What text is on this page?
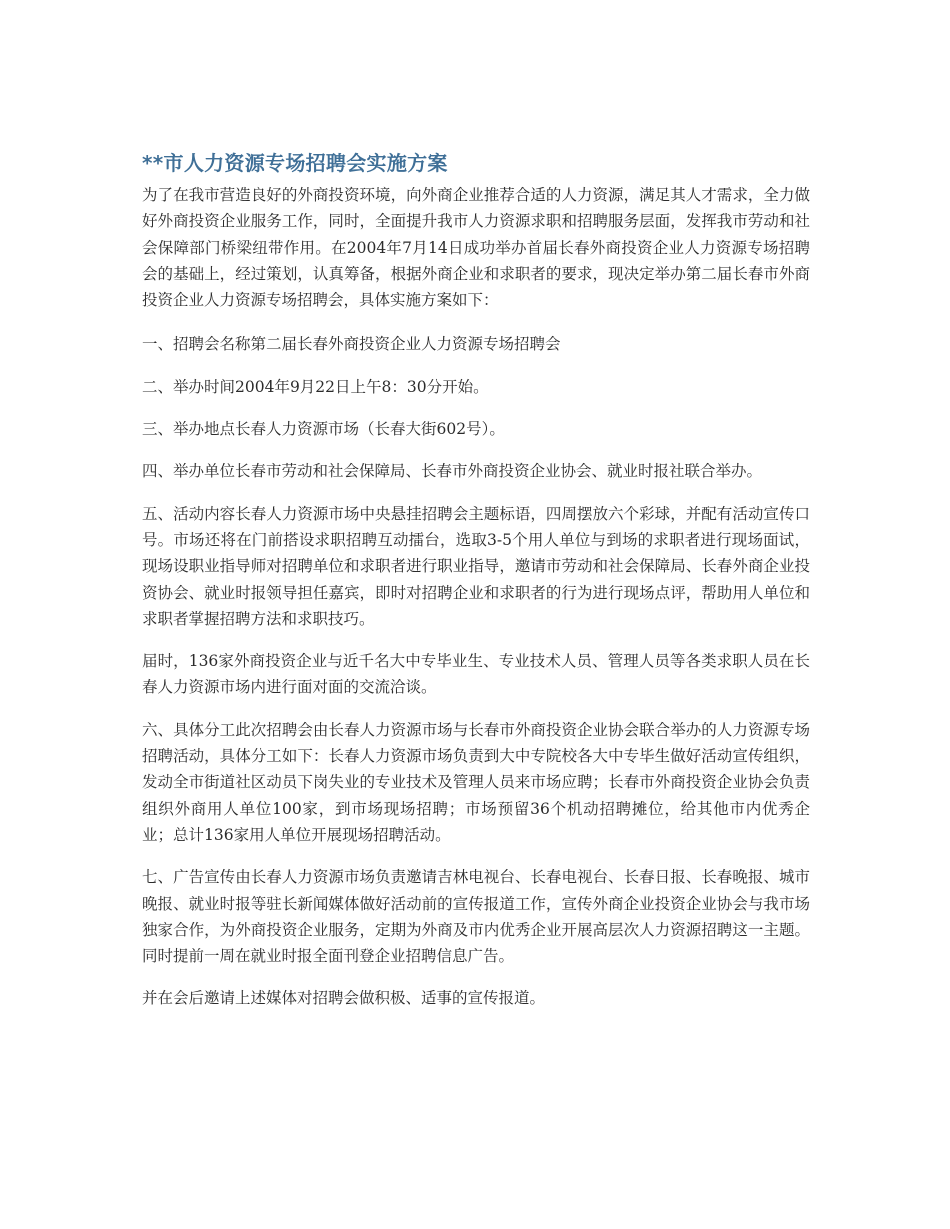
**市人力资源专场招聘会实施方案

为了在我市营造良好的外商投资环境，向外商企业推荐合适的人力资源，满足其人才需求，全力做好外商投资企业服务工作，同时，全面提升我市人力资源求职和招聘服务层面，发挥我市劳动和社会保障部门桥梁纽带作用。在2004年7月14日成功举办首届长春外商投资企业人力资源专场招聘会的基础上，经过策划，认真筹备，根据外商企业和求职者的要求，现决定举办第二届长春市外商投资企业人力资源专场招聘会，具体实施方案如下：

一、招聘会名称第二届长春外商投资企业人力资源专场招聘会

二、举办时间2004年9月22日上午8：30分开始。

三、举办地点长春人力资源市场（长春大街602号）。

四、举办单位长春市劳动和社会保障局、长春市外商投资企业协会、就业时报社联合举办。

五、活动内容长春人力资源市场中央悬挂招聘会主题标语，四周摆放六个彩球，并配有活动宣传口号。市场还将在门前搭设求职招聘互动擂台，选取3-5个用人单位与到场的求职者进行现场面试，现场设职业指导师对招聘单位和求职者进行职业指导，邀请市劳动和社会保障局、长春外商企业投资协会、就业时报领导担任嘉宾，即时对招聘企业和求职者的行为进行现场点评，帮助用人单位和求职者掌握招聘方法和求职技巧。

届时，136家外商投资企业与近千名大中专毕业生、专业技术人员、管理人员等各类求职人员在长春人力资源市场内进行面对面的交流洽谈。

六、具体分工此次招聘会由长春人力资源市场与长春市外商投资企业协会联合举办的人力资源专场招聘活动，具体分工如下：长春人力资源市场负责到大中专院校各大中专毕生做好活动宣传组织，发动全市街道社区动员下岗失业的专业技术及管理人员来市场应聘；长春市外商投资企业协会负责组织外商用人单位100家，到市场现场招聘；市场预留36个机动招聘摊位，给其他市内优秀企业；总计136家用人单位开展现场招聘活动。

七、广告宣传由长春人力资源市场负责邀请吉林电视台、长春电视台、长春日报、长春晚报、城市晚报、就业时报等驻长新闻媒体做好活动前的宣传报道工作，宣传外商企业投资企业协会与我市场独家合作，为外商投资企业服务，定期为外商及市内优秀企业开展高层次人力资源招聘这一主题。同时提前一周在就业时报全面刊登企业招聘信息广告。

并在会后邀请上述媒体对招聘会做积极、适事的宣传报道。
